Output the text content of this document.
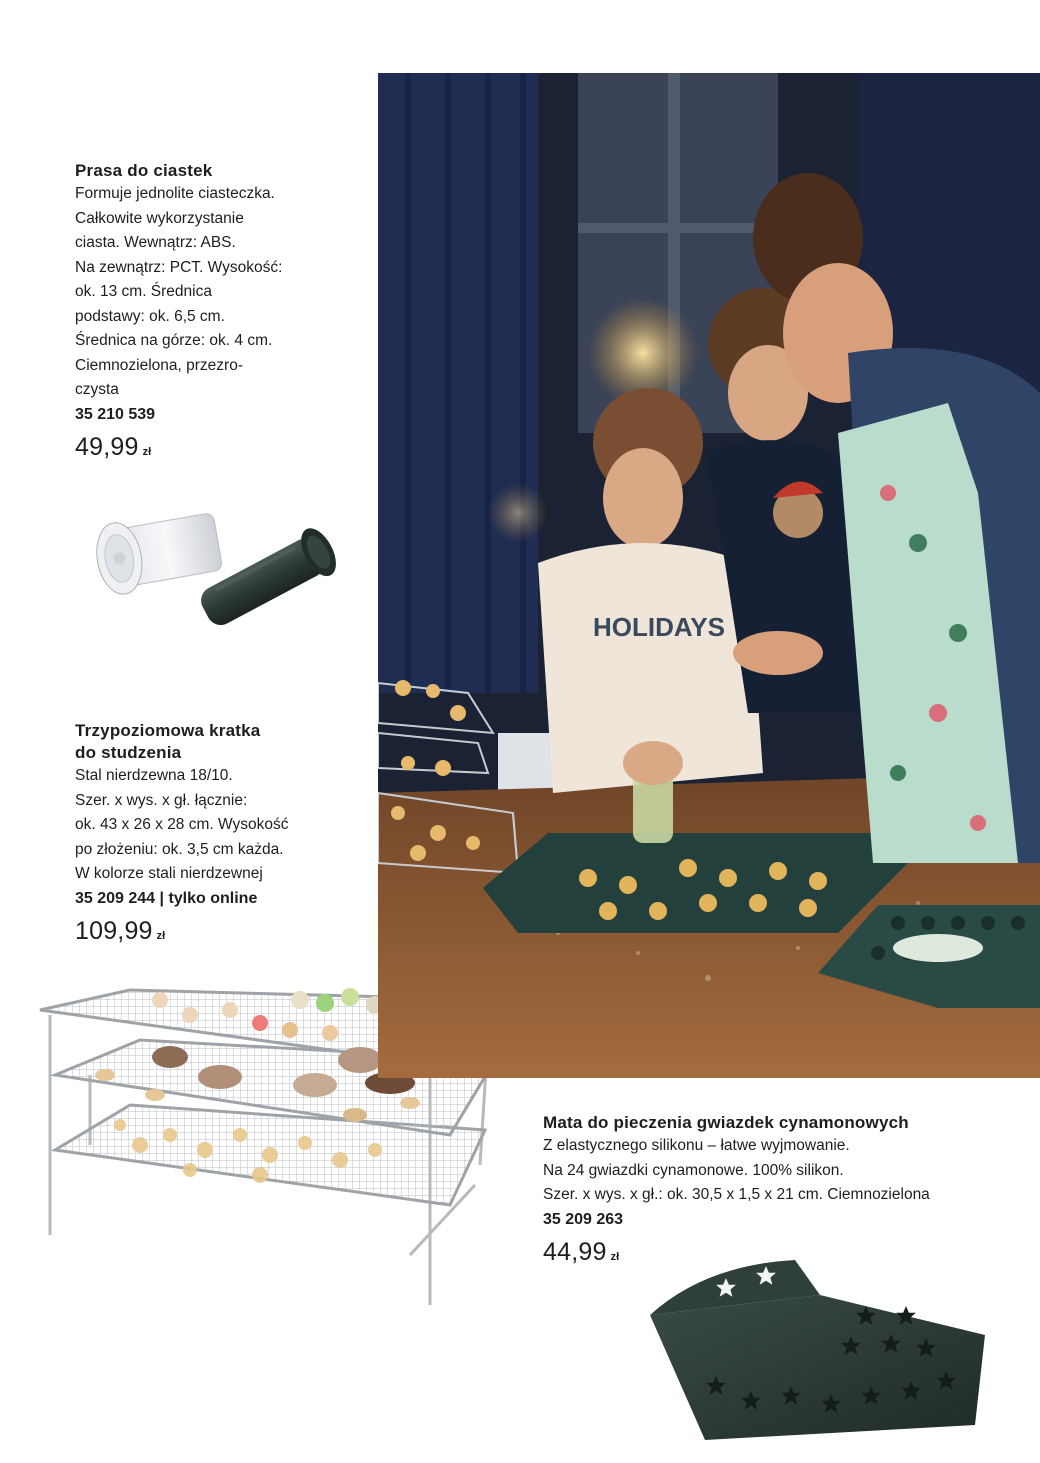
Prasa do ciastek
Formuje jednolite ciasteczka.
Całkowite wykorzystanie
ciasta. Wewnątrz: ABS.
Na zewnątrz: PCT. Wysokość:
ok. 13 cm. Średnica
podstawy: ok. 6,5 cm.
Średnica na górze: ok. 4 cm.
Ciemnozielona, przezro-
czysta
35 210 539
49,99 zł
Trzypoziomowa kratka
do studzenia
Stal nierdzewna 18/10.
Szer. x wys. x gł. łącznie:
ok. 43 x 26 x 28 cm. Wysokość
po złożeniu: ok. 3,5 cm każda.
W kolorze stali nierdzewnej
35 209 244 | tylko online
109,99 zł
HOLIDAYS
Mata do pieczenia gwiazdek cynamonowych
Z elastycznego silikonu – łatwe wyjmowanie.
Na 24 gwiazdki cynamonowe. 100% silikon.
Szer. x wys. x gł.: ok. 30,5 x 1,5 x 21 cm. Ciemnozielona
35 209 263
44,99 zł
